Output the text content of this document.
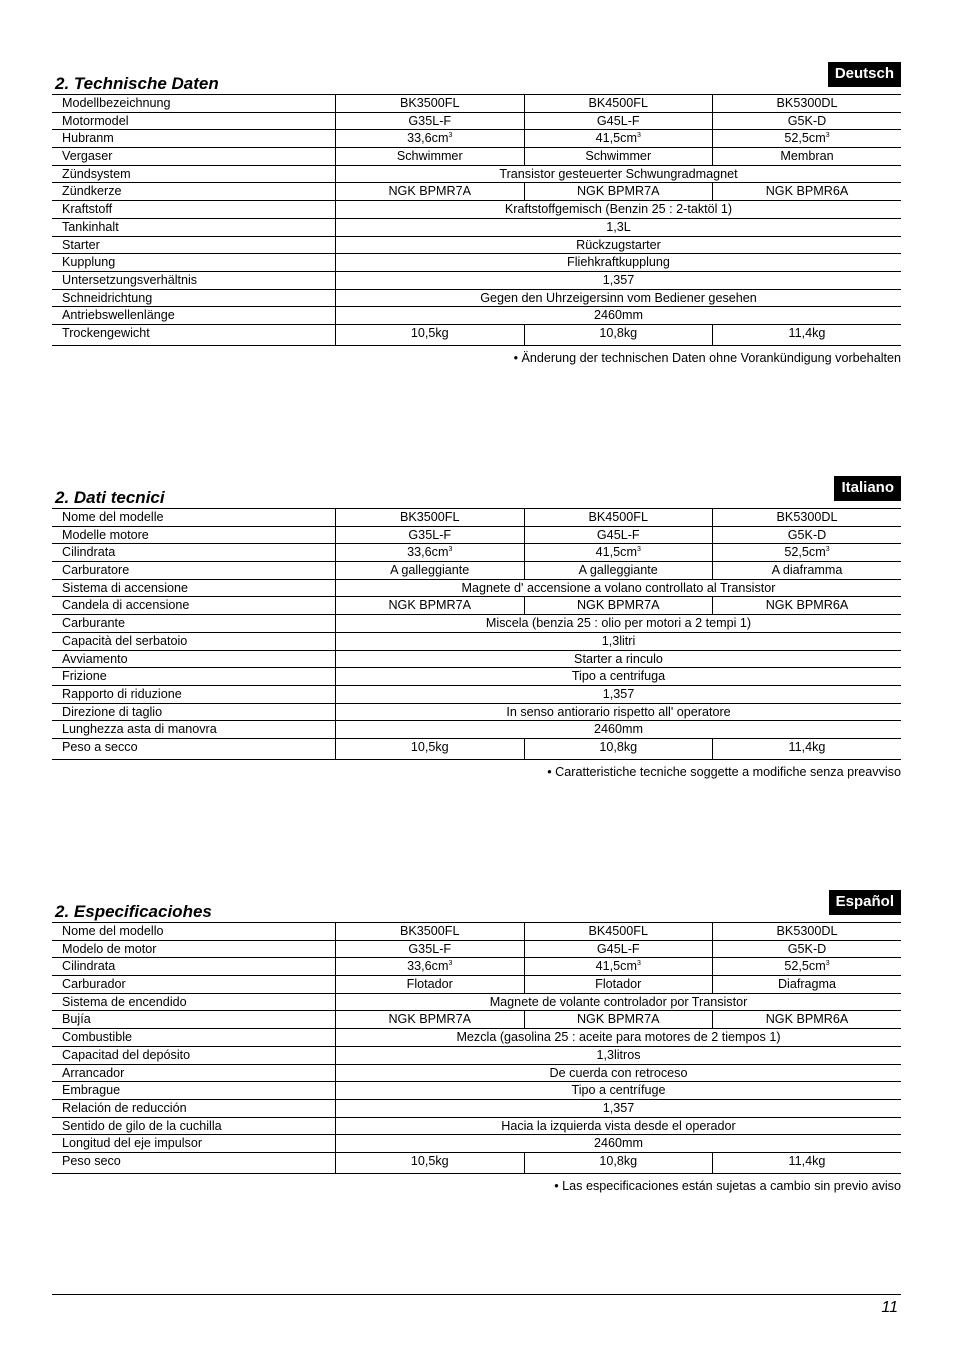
2. Technische Daten
Deutsch
Modellbezeichnung	BK3500FL	BK4500FL	BK5300DL
Motormodel	G35L-F	G45L-F	G5K-D
Hubranm	$33,6cm^3$	$41,5cm^3$	$52,5cm^3$
Vergaser	Schwimmer	Schwimmer	Membran
Zündsystem	Transistor gesteuerter Schwungradmagnet		
Zündkerze	NGK BPMR7A	NGK BPMR7A	NGK BPMR6A
Kraftstoff	Kraftstoffgemisch (Benzin 25 : 2-taktöl 1)		
Tankinhalt	1,3L		
Starter	Rückzugstarter		
Kupplung	Fliehkraftkupplung		
Untersetzungsverhältnis	1,357		
Schneidrichtung	Gegen den Uhrzeigersinn vom Bediener gesehen		
Antriebswellenlänge	2460mm		
Trockengewicht	10,5kg	10,8kg	11,4kg
• Änderung der technischen Daten ohne Vorankündigung vorbehalten
2. Dati tecnici
Italiano
Nome del modelle	BK3500FL	BK4500FL	BK5300DL
Modelle motore	G35L-F	G45L-F	G5K-D
Cilindrata	$33,6cm^3$	$41,5cm^3$	$52,5cm^3$
Carburatore	A galleggiante	A galleggiante	A diaframma
Sistema di accensione	Magnete d' accensione a volano controllato al Transistor		
Candela di accensione	NGK BPMR7A	NGK BPMR7A	NGK BPMR6A
Carburante	Miscela (benzia 25 : olio per motori a 2 tempi 1)		
Capacità del serbatoio	1,3litri		
Avviamento	Starter a rinculo		
Frizione	Tipo a centrifuga		
Rapporto di riduzione	1,357		
Direzione di taglio	In senso antiorario rispetto all' operatore		
Lunghezza asta di manovra	2460mm		
Peso a secco	10,5kg	10,8kg	11,4kg
• Caratteristiche tecniche soggette a modifiche senza preavviso
2. Especificaciohes
Español
Nome del modello	BK3500FL	BK4500FL	BK5300DL
Modelo de motor	G35L-F	G45L-F	G5K-D
Cilindrata	$33,6cm^3$	$41,5cm^3$	$52,5cm^3$
Carburador	Flotador	Flotador	Diafragma
Sistema de encendido	Magnete de volante controlador por Transistor		
Bujía	NGK BPMR7A	NGK BPMR7A	NGK BPMR6A
Combustible	Mezcla (gasolina 25 : aceite para motores de 2 tiempos 1)		
Capacitad del depósito	1,3litros		
Arrancador	De cuerda con retroceso		
Embrague	Tipo a centrífuge		
Relación de reducción	1,357		
Sentido de gilo de la cuchilla	Hacia la izquierda vista desde el operador		
Longitud del eje impulsor	2460mm		
Peso seco	10,5kg	10,8kg	11,4kg
• Las especificaciones están sujetas a cambio sin previo aviso
11
